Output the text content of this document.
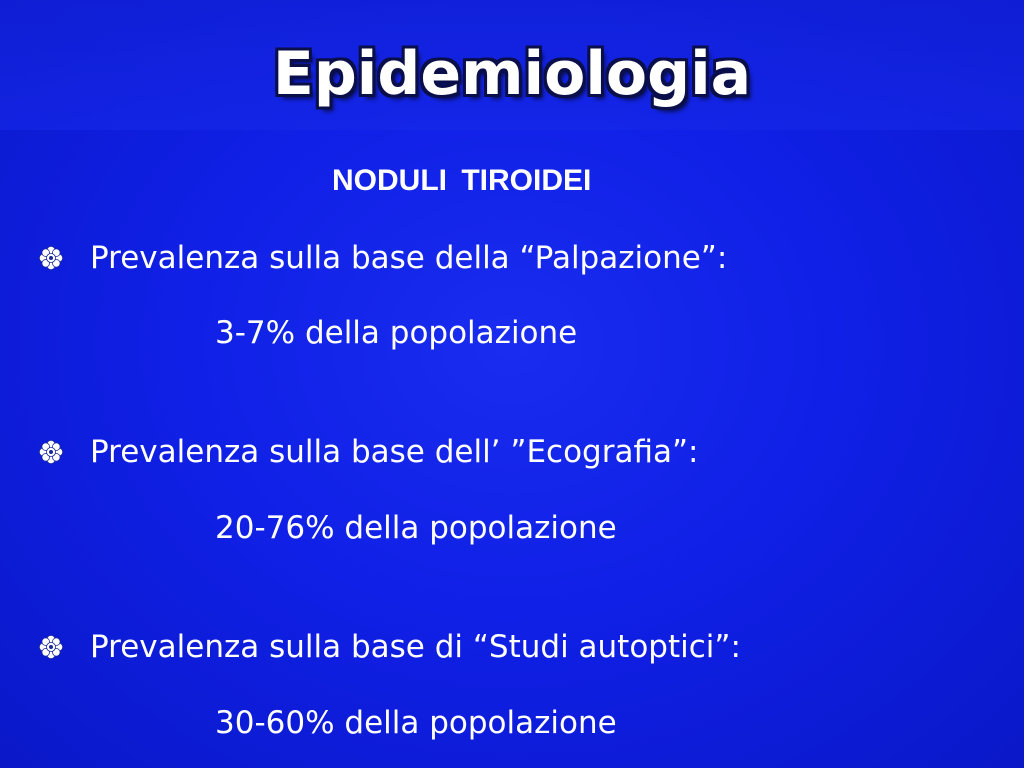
Epidemiologia
NODULI TIROIDEI
Prevalenza sulla base della “Palpazione”:
3-7% della popolazione
Prevalenza sulla base dell’ ”Ecografia”:
20-76% della popolazione
Prevalenza sulla base di “Studi autoptici”:
30-60% della popolazione
